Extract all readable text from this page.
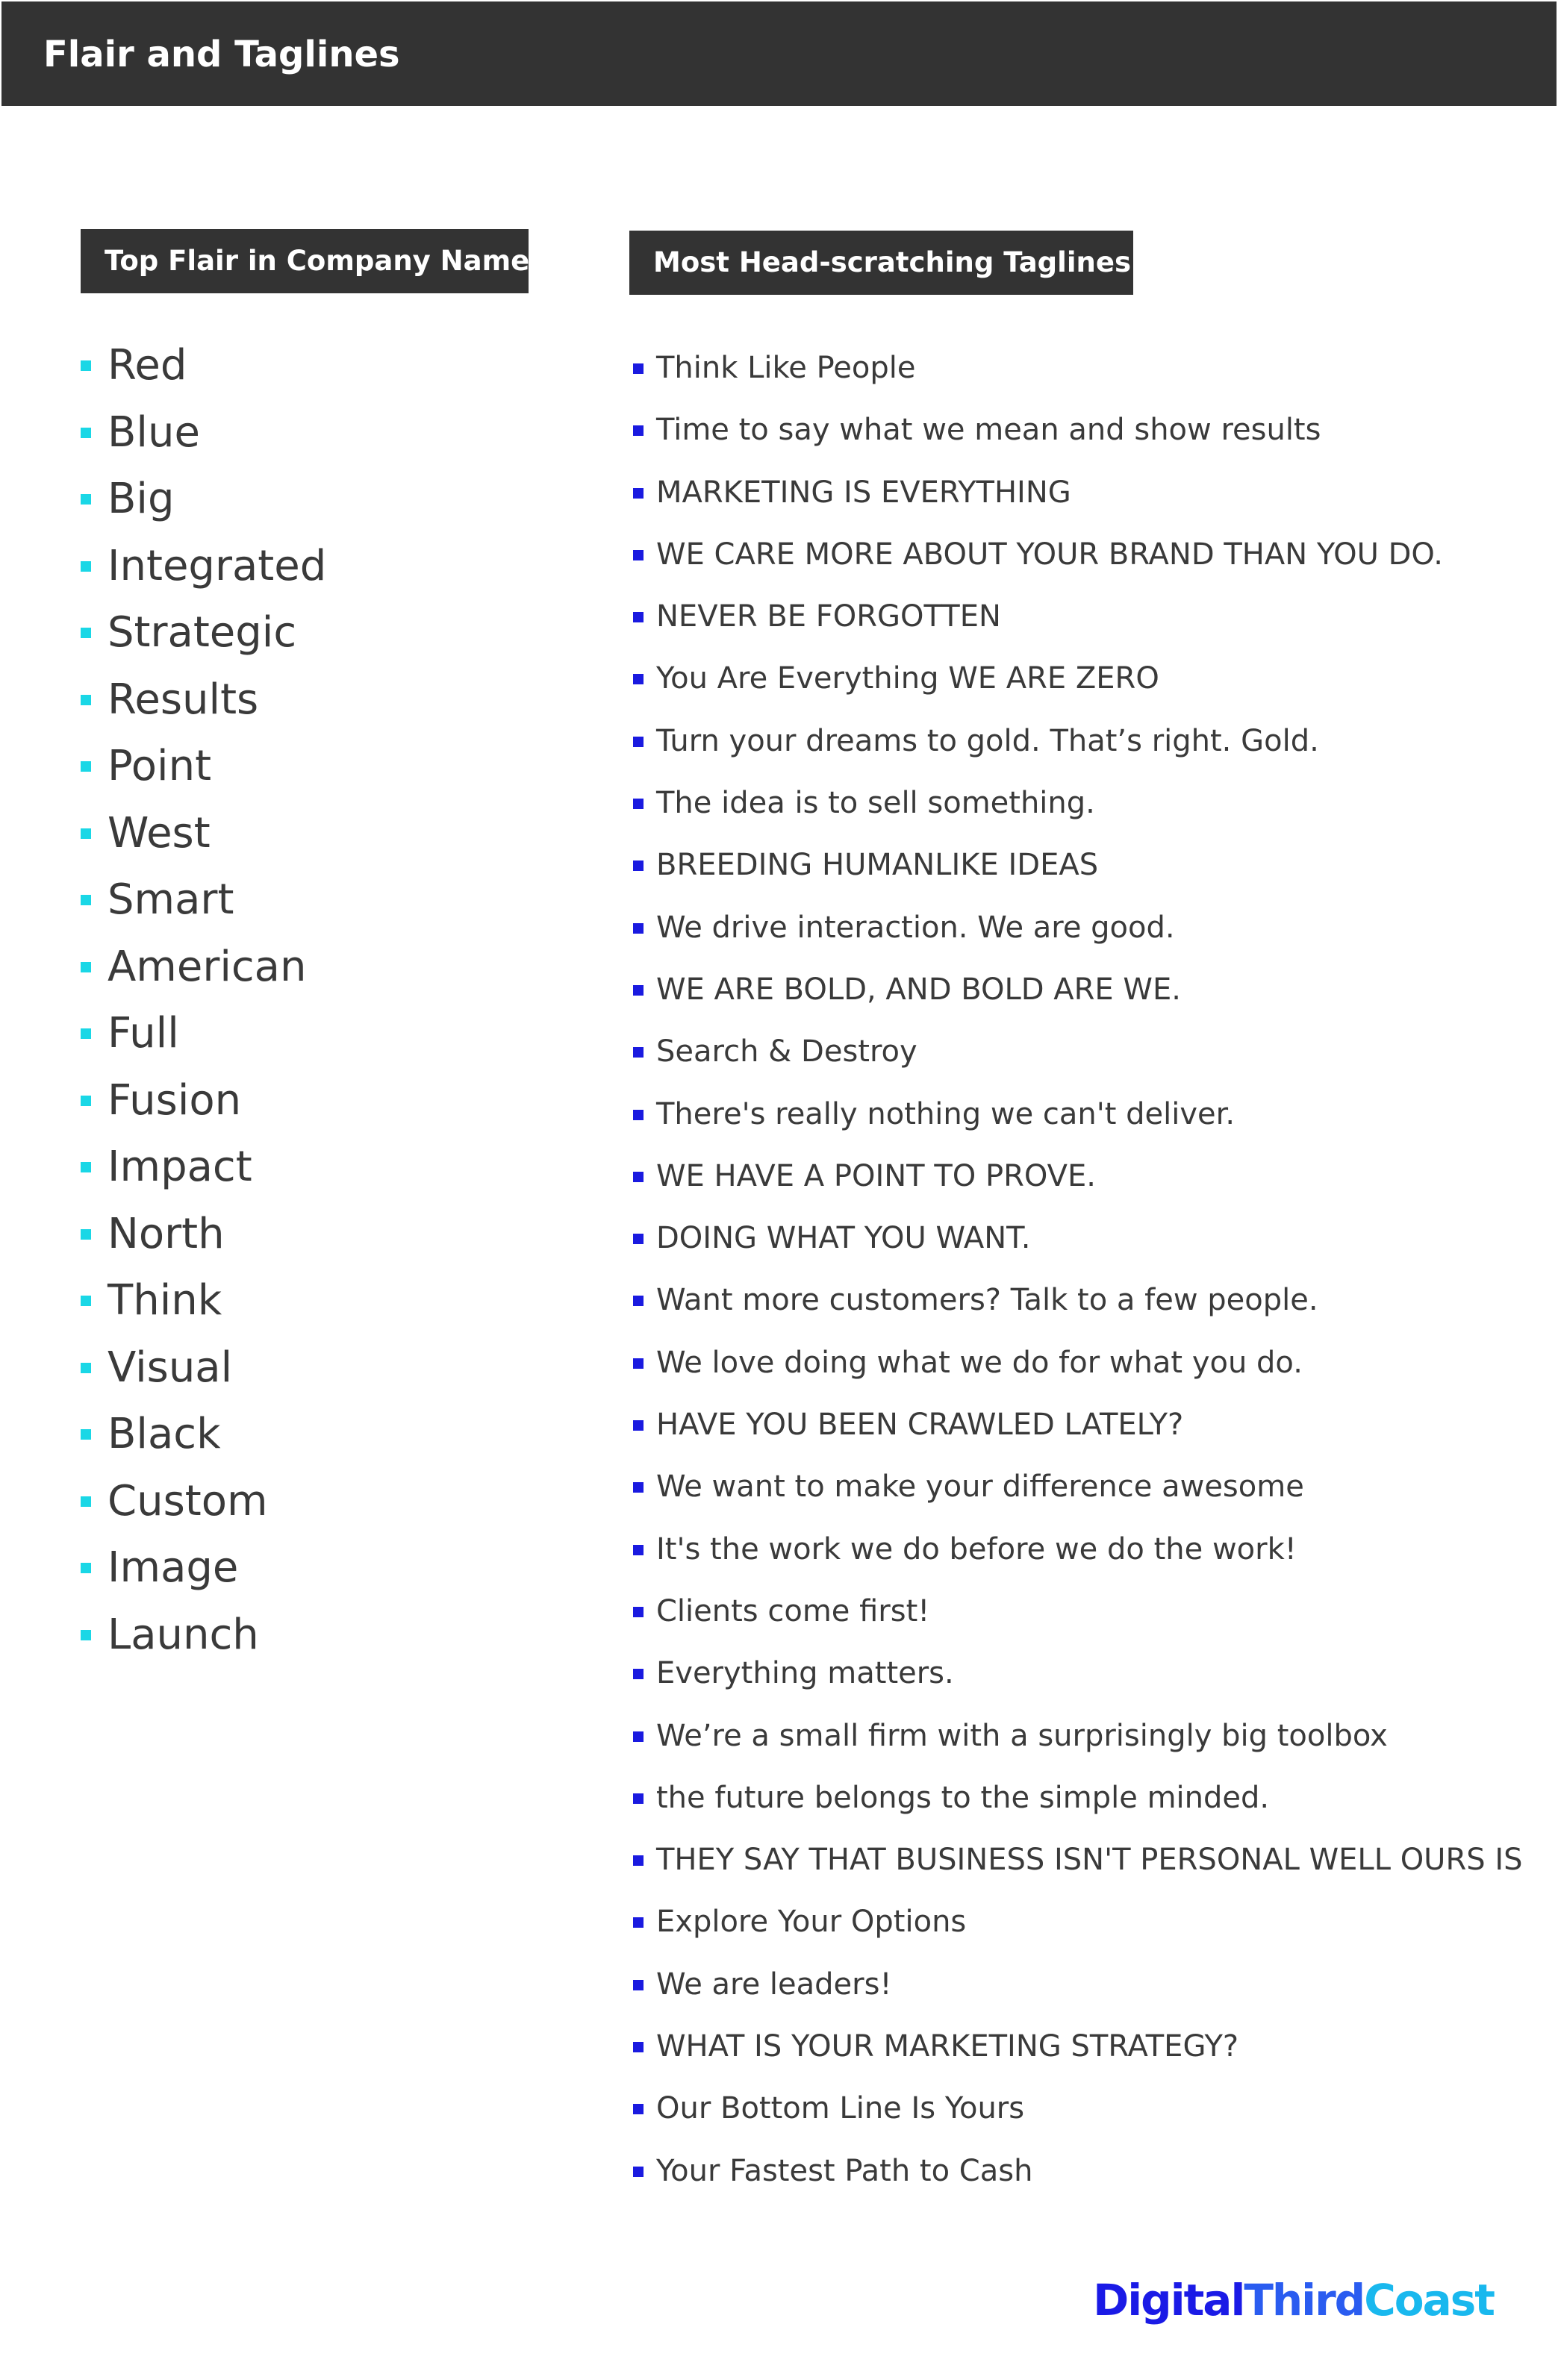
Flair and Taglines
Top Flair in Company Names	Most Head-scratching Taglines
Red
Blue
Big
Integrated
Strategic
Results
Point
West
Smart
American
Full
Fusion
Impact
North
Think
Visual
Black
Custom
Image
Launch
Think Like People
Time to say what we mean and show results
MARKETING IS EVERYTHING
WE CARE MORE ABOUT YOUR BRAND THAN YOU DO.
NEVER BE FORGOTTEN
You Are Everything WE ARE ZERO
Turn your dreams to gold. That’s right. Gold.
The idea is to sell something.
BREEDING HUMANLIKE IDEAS
We drive interaction. We are good.
WE ARE BOLD, AND BOLD ARE WE.
Search & Destroy
There's really nothing we can't deliver.
WE HAVE A POINT TO PROVE.
DOING WHAT YOU WANT.
Want more customers? Talk to a few people.
We love doing what we do for what you do.
HAVE YOU BEEN CRAWLED LATELY?
We want to make your difference awesome
It's the work we do before we do the work!
Clients come first!
Everything matters.
We’re a small firm with a surprisingly big toolbox
the future belongs to the simple minded.
THEY SAY THAT BUSINESS ISN'T PERSONAL WELL OURS IS
Explore Your Options
We are leaders!
WHAT IS YOUR MARKETING STRATEGY?
Our Bottom Line Is Yours
Your Fastest Path to Cash
DigitalThirdCoast
